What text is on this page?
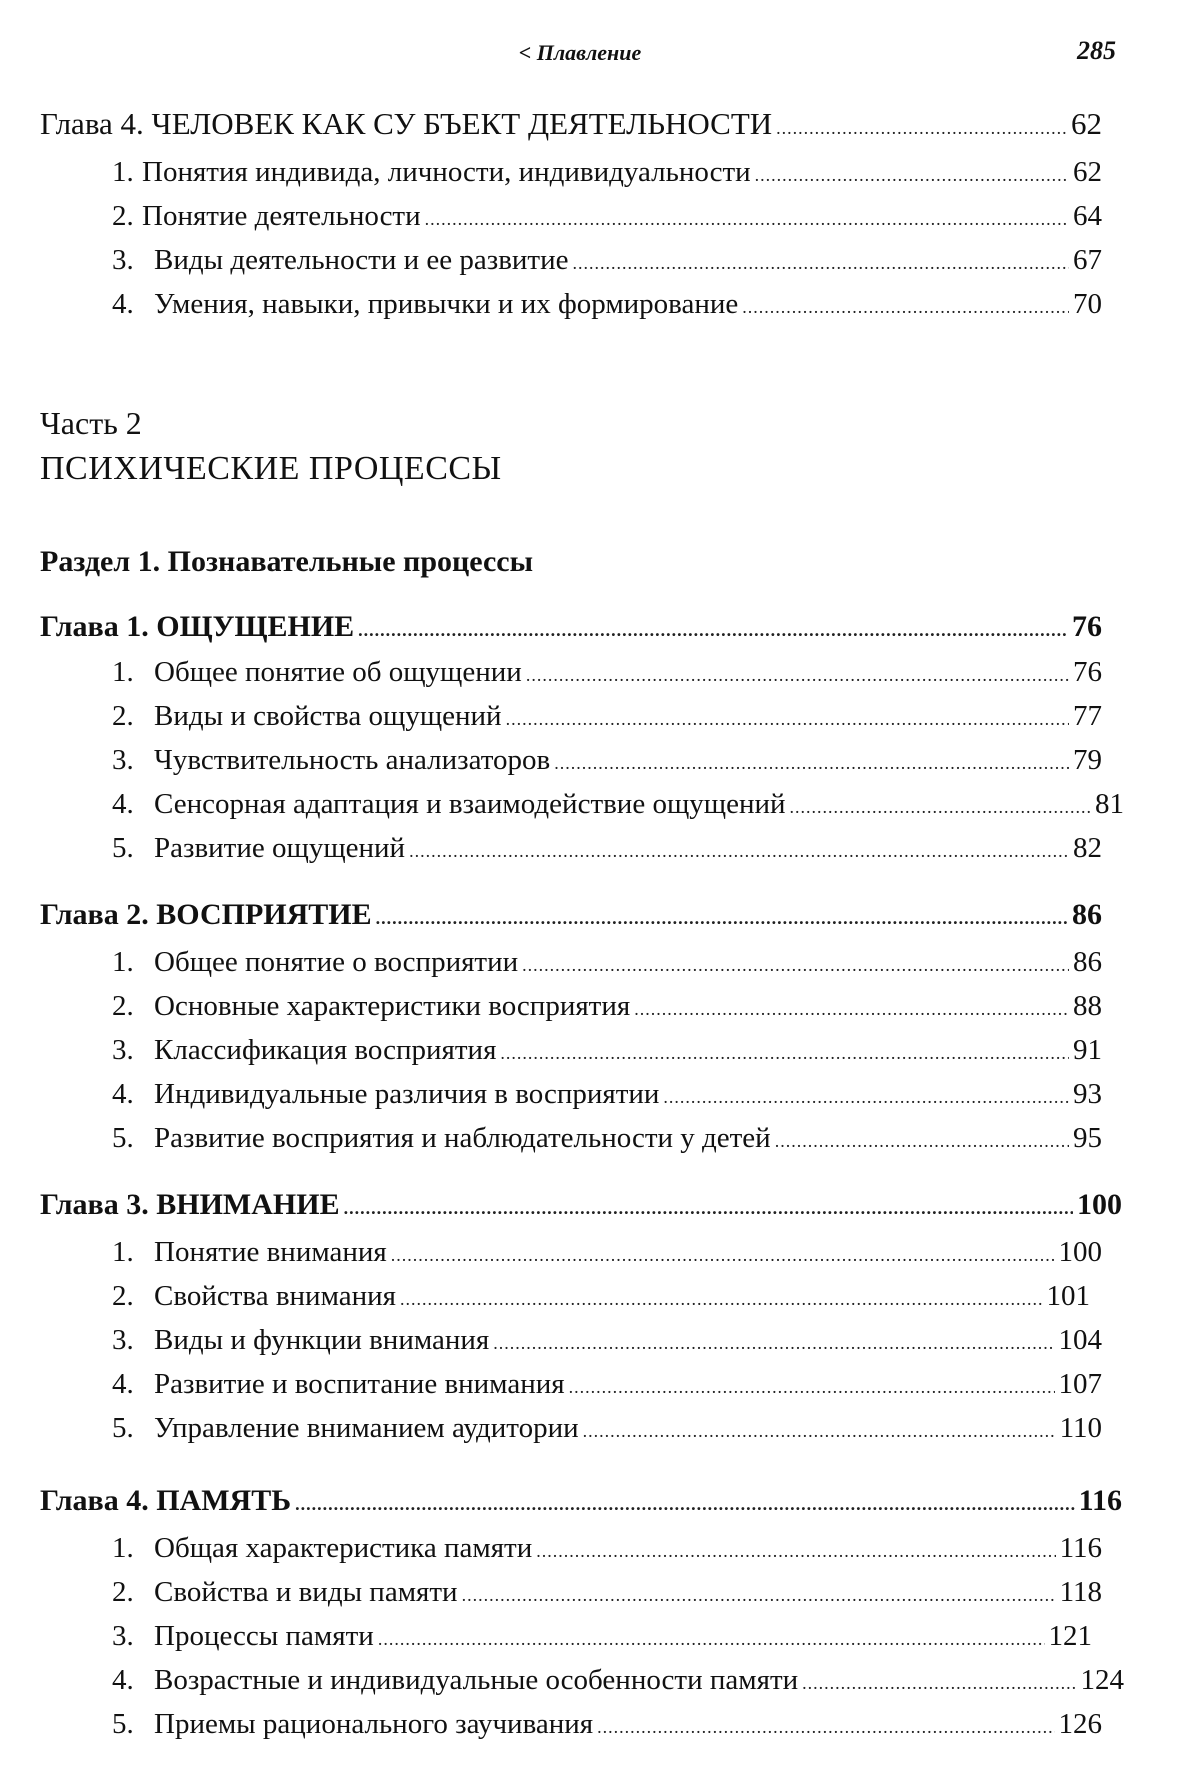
< Плавление	285
Глава 4. ЧЕЛОВЕК КАК СУ БЪЕКТ ДЕЯТЕЛЬНОСТИ .....	62
1. Понятия индивида, личности, индивидуальности .....	62
2. Понятие деятельности .....	64
3. Виды деятельности и ее развитие .....	67
4. Умения, навыки, привычки и их формирование .....	70
Часть 2
ПСИХИЧЕСКИЕ ПРОЦЕССЫ
Раздел 1. Познавательные процессы
Глава 1. ОЩУЩЕНИЕ .....	76
1. Общее понятие об ощущении .....	76
2. Виды и свойства ощущений .....	77
3. Чувствительность анализаторов .....	79
4. Сенсорная адаптация и взаимодействие ощущений .....	81
5. Развитие ощущений .....	82
Глава 2. ВОСПРИЯТИЕ .....	86
1. Общее понятие о восприятии .....	86
2. Основные характеристики восприятия .....	88
3. Классификация восприятия .....	91
4. Индивидуальные различия в восприятии .....	93
5. Развитие восприятия и наблюдательности у детей .....	95
Глава 3. ВНИМАНИЕ .....	100
1. Понятие внимания .....	100
2. Свойства внимания .....	101
3. Виды и функции внимания .....	104
4. Развитие и воспитание внимания .....	107
5. Управление вниманием аудитории .....	110
Глава 4. ПАМЯТЬ .....	116
1. Общая характеристика памяти .....	116
2. Свойства и виды памяти .....	118
3. Процессы памяти .....	121
4. Возрастные и индивидуальные особенности памяти .....	124
5. Приемы рационального заучивания .....	126
